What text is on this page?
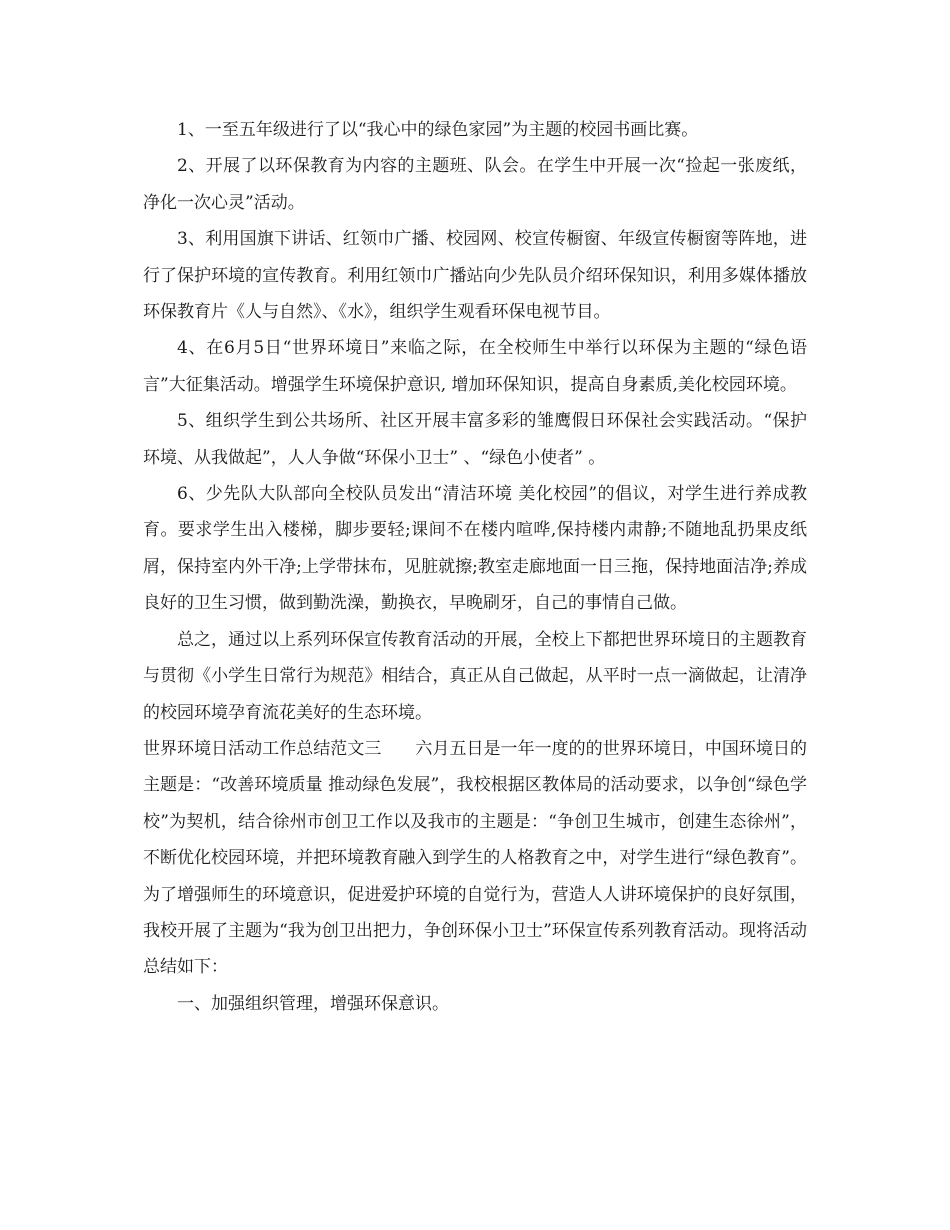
1、一至五年级进行了以“我心中的绿色家园”为主题的校园书画比赛。

2、开展了以环保教育为内容的主题班、队会。在学生中开展一次“捡起一张废纸，净化一次心灵”活动。

3、利用国旗下讲话、红领巾广播、校园网、校宣传橱窗、年级宣传橱窗等阵地，进行了保护环境的宣传教育。利用红领巾广播站向少先队员介绍环保知识，利用多媒体播放环保教育片《人与自然》、《水》，组织学生观看环保电视节目。

4、在6月5日“世界环境日”来临之际，在全校师生中举行以环保为主题的“绿色语言”大征集活动。增强学生环境保护意识, 增加环保知识，提高自身素质,美化校园环境。

5、组织学生到公共场所、社区开展丰富多彩的雏鹰假日环保社会实践活动。“保护环境、从我做起”，人人争做“环保小卫士” 、“绿色小使者” 。

6、少先队大队部向全校队员发出“清洁环境 美化校园”的倡议，对学生进行养成教育。要求学生出入楼梯，脚步要轻;课间不在楼内喧哗,保持楼内肃静;不随地乱扔果皮纸屑，保持室内外干净;上学带抹布，见脏就擦;教室走廊地面一日三拖，保持地面洁净;养成良好的卫生习惯，做到勤洗澡，勤换衣，早晚刷牙，自己的事情自己做。

总之，通过以上系列环保宣传教育活动的开展，全校上下都把世界环境日的主题教育与贯彻《小学生日常行为规范》相结合，真正从自己做起，从平时一点一滴做起，让清净的校园环境孕育流花美好的生态环境。

世界环境日活动工作总结范文三　　六月五日是一年一度的的世界环境日，中国环境日的主题是：“改善环境质量 推动绿色发展”，我校根据区教体局的活动要求，以争创“绿色学校”为契机，结合徐州市创卫工作以及我市的主题是：“争创卫生城市，创建生态徐州”，不断优化校园环境，并把环境教育融入到学生的人格教育之中，对学生进行“绿色教育”。为了增强师生的环境意识，促进爱护环境的自觉行为，营造人人讲环境保护的良好氛围，我校开展了主题为“我为创卫出把力，争创环保小卫士”环保宣传系列教育活动。现将活动总结如下：

一、加强组织管理，增强环保意识。
